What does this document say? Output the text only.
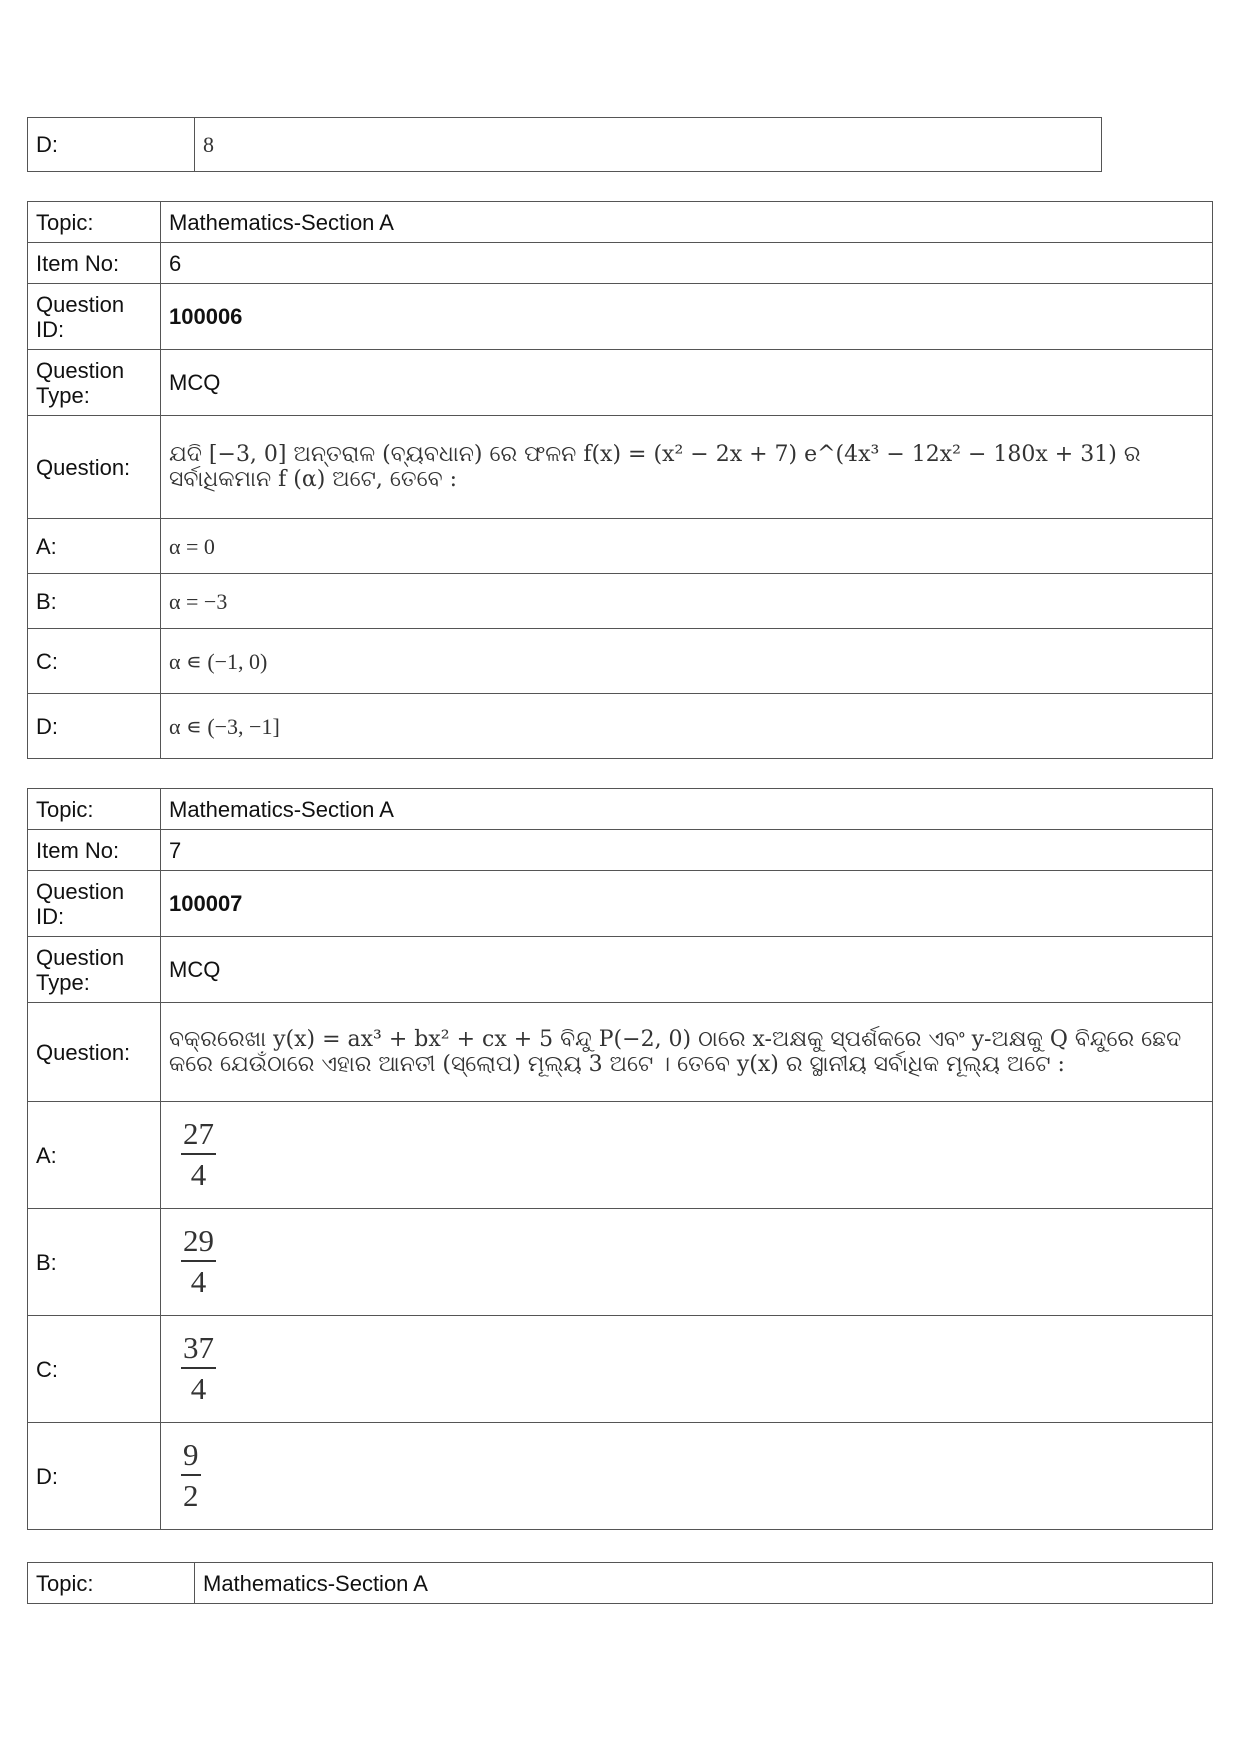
D:	8
Topic:	Mathematics-Section A
Item No:	6
Question ID:	100006
Question Type:	MCQ
Question:	ଯଦି [−3, 0] ଅନ୍ତରାଳ (ବ୍ୟବଧାନ) ରେ ଫଳନ f(x) = (x² − 2x + 7) e^(4x³ − 12x² − 180x + 31) ର ସର୍ବାଧିକମାନ f (α) ଅଟେ, ତେବେ :
A:	α = 0
B:	α = −3
C:	α ∊ (−1, 0)
D:	α ∊ (−3, −1]
Topic:	Mathematics-Section A
Item No:	7
Question ID:	100007
Question Type:	MCQ
Question:	ବକ୍ରରେଖା y(x) = ax³ + bx² + cx + 5 ବିନ୍ଦୁ P(−2, 0) ଠାରେ x-ଅକ୍ଷକୁ ସ୍ପର୍ଶକରେ ଏବଂ y-ଅକ୍ଷକୁ Q ବିନ୍ଦୁରେ ଛେଦ କରେ ଯେଉଁଠାରେ ଏହାର ଆନତୀ (ସ୍ଲୋପ) ମୂଲ୍ୟ 3 ଅଟେ । ତେବେ y(x) ର ସ୍ଥାନୀୟ ସର୍ବାଧିକ ମୂଲ୍ୟ ଅଟେ :
A:	$\frac{27}{4}$

B:	$\frac{29}{4}$

C:	$\frac{37}{4}$

D:	$\frac{9}{2}$
Topic:	Mathematics-Section A
